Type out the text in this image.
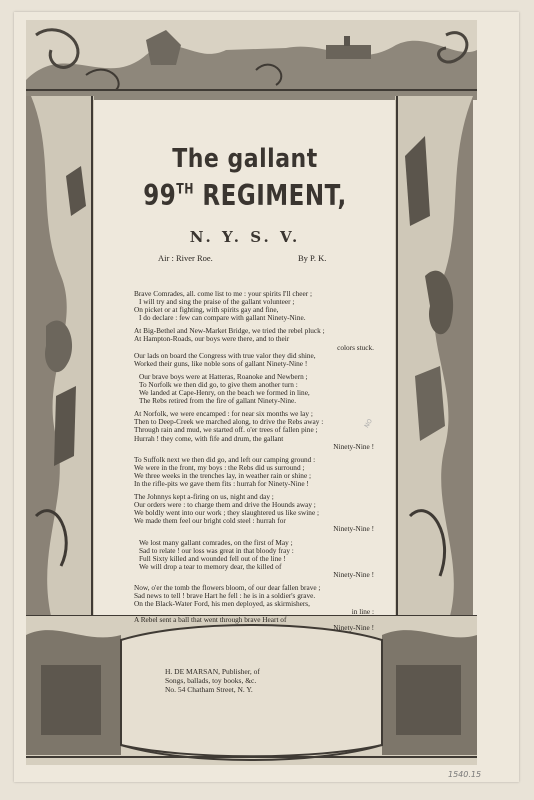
The gallant
99TH REGIMENT,
N. Y. S. V.
Air : River Roe.	By P. K.
Brave Comrades, all. come list to me : your spirits I'll cheer ;
I will try and sing the praise of the gallant volunteer ;
On picket or at fighting, with spirits gay and fine,
I do declare : few can compare with gallant Ninety-Nine.
At Big-Bethel and New-Market Bridge, we tried the rebel pluck ;
At Hampton-Roads, our boys were there, and to their
colors stuck.
Our lads on board the Congress with true valor they did shine,
Worked their guns, like noble sons of gallant Ninety-Nine !
Our brave boys were at Hatteras, Roanoke and Newbern ;
To Norfolk we then did go, to give them another turn :
We landed at Cape-Henry, on the beach we formed in line,
The Rebs retired from the fire of gallant Ninety-Nine.
At Norfolk, we were encamped : for near six months we lay ;
Then to Deep-Creek we marched along, to drive the Rebs away :
Through rain and mud, we started off. o'er trees of fallen pine ;
Hurrah ! they come, with fife and drum, the gallant
Ninety-Nine !
To Suffolk next we then did go, and left our camping ground :
We were in the front, my boys : the Rebs did us surround ;
We three weeks in the trenches lay, in weather rain or shine ;
In the rifle-pits we gave them fits : hurrah for Ninety-Nine !
The Johnnys kept a-firing on us, night and day ;
Our orders were : to charge them and drive the Hounds away ;
We boldly went into our work ; they slaughtered us like swine ;
We made them feel our bright cold steel : hurrah for
Ninety-Nine !
We lost many gallant comrades, on the first of May ;
Sad to relate ! our loss was great in that bloody fray :
Full Sixty killed and wounded fell out of the line !
We will drop a tear to memory dear, the killed of
Ninety-Nine !
Now, o'er the tomb the flowers bloom, of our dear fallen brave ;
Sad news to tell ! brave Hart he fell : he is in a soldier's grave.
On the Black-Water Ford, his men deployed, as skirmishers,
in line :
A Rebel sent a ball that went through brave Heart of
Ninety-Nine !
H. DE MARSAN, Publisher, of
Songs, ballads, toy books, &c.
No. 54 Chatham Street, N. Y.
NO
1540.15
